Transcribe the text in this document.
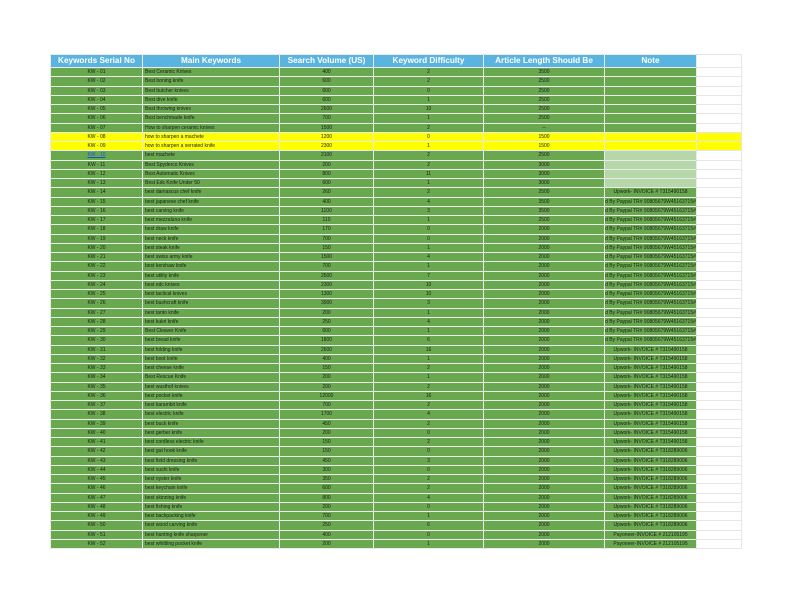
Keywords Serial No	Main Keywords	Search Volume (US)	Keyword Difficulty	Article Length Should Be	Note	
KW - 01	Best Ceramic Knives	400	2	3500		
KW - 02	Best boning knife	600	2	2500		
KW - 03	Best butcher knives	600	0	2500		
KW - 04	Best dive knife	600	1	2500		
KW - 05	Best throwing knives	2600	10	2500		
KW - 06	Best benchmade knife	700	1	2500		
KW - 07	How to sharpen ceramic knives	1500	2	--		
KW - 08	how to sharpen a machete	1200	0	1500		
KW - 09	how to sharpen a serrated knife	2300	1	1500		
KW - 10	best machete	2100	2	2500		
KW - 11	Best Spyderco Knives	200	2	3000		
KW - 12	Best Automatic Knives	800	11	3000		
KW - 13	Best Edc Knife Under 50	600	1	3000		
KW - 14	best damascus chef knife	260	2	2500	Upwork- INVOICE # T315490158	
KW - 15	best japanese chef knife	400	4	3500	d By Paypal TR# 90805679W45163715#	
KW - 16	best carving knife	1100	3	3500	d By Paypal TR# 90805679W45163715#	
KW - 17	best mezzaluna knife	110	1	2500	d By Paypal TR# 90805679W45163715#	
KW - 18	best draw knife	170	0	2000	d By Paypal TR# 90805679W45163715#	
KW - 19	best neck knife	700	0	2000	d By Paypal TR# 90805679W45163715#	
KW - 20	best steak knife	150	1	2000	d By Paypal TR# 90805679W45163715#	
KW - 21	best swiss army knife	1500	4	2000	d By Paypal TR# 90805679W45163715#	
KW - 22	best kershaw knife	700	1	2000	d By Paypal TR# 90805679W45163715#	
KW - 23	best utility knife	2500	7	2000	d By Paypal TR# 90805679W45163715#	
KW - 24	best edc knives	2300	10	2000	d By Paypal TR# 90805679W45163715#	
KW - 25	best tactical knives	1300	10	2000	d By Paypal TR# 90805679W45163715#	
KW - 26	best bushcraft knife	3900	3	2000	d By Paypal TR# 90805679W45163715#	
KW - 27	best tanto knife	200	1	2000	d By Paypal TR# 90805679W45163715#	
KW - 28	best kukri knife	250	4	2000	d By Paypal TR# 90805679W45163715#	
KW - 29	Best Cleaver Knife	600	1	2000	d By Paypal TR# 90805679W45163715#	
KW - 30	best bread knife	1800	6	2000	d By Paypal TR# 90805679W45163715#	
KW - 31	best folding knife	2600	16	2000	Upwork- INVOICE # T315490158	
KW - 32	best boot knife	400	1	2000	Upwork- INVOICE # T315490158	
KW - 33	best cheese knife	150	2	2000	Upwork- INVOICE # T315490158	
KW - 34	Best Rescue Knife	200	1	2000	Upwork- INVOICE # T315490158	
KW - 35	best wusthof knives	200	2	2000	Upwork- INVOICE # T315490158	
KW - 36	best pocket knife	12000	16	2000	Upwork- INVOICE # T315490158	
KW - 37	best karambit knife	700	2	2000	Upwork- INVOICE # T315490158	
KW - 38	best electric knife	1700	4	2000	Upwork- INVOICE # T315490158	
KW - 39	best buck knife	450	2	2000	Upwork- INVOICE # T315490158	
KW - 40	best gerber knife	200	0	2000	Upwork- INVOICE # T315490158	
KW - 41	best cordless electric knife	150	2	2000	Upwork- INVOICE # T315490158	
KW - 42	best gut hook knife	150	0	2000	Upwork- INVOICE # T318289006	
KW - 43	best field dressing knife	450	3	2000	Upwork- INVOICE # T318289006	
KW - 44	best sushi knife	300	0	2000	Upwork- INVOICE # T318289006	
KW - 45	best oyster knife	350	2	2000	Upwork- INVOICE # T318289006	
KW - 46	best keychain knife	600	2	2000	Upwork- INVOICE # T318289006	
KW - 47	best skinning knife	800	4	2000	Upwork- INVOICE # T318289006	
KW - 48	best fishing knife	200	0	2000	Upwork- INVOICE # T318289006	
KW - 49	best backpacking knife	700	1	2000	Upwork- INVOICE # T318289006	
KW - 50	best wood carving knife	250	6	2000	Upwork- INVOICE # T318289006	
KW - 51	best hunting knife sharpener	400	0	2000	Payoneer-INVOICE # 212105195	
KW - 52	best whittling pocket knife	200	1	2000	Payoneer-INVOICE # 212105195	
